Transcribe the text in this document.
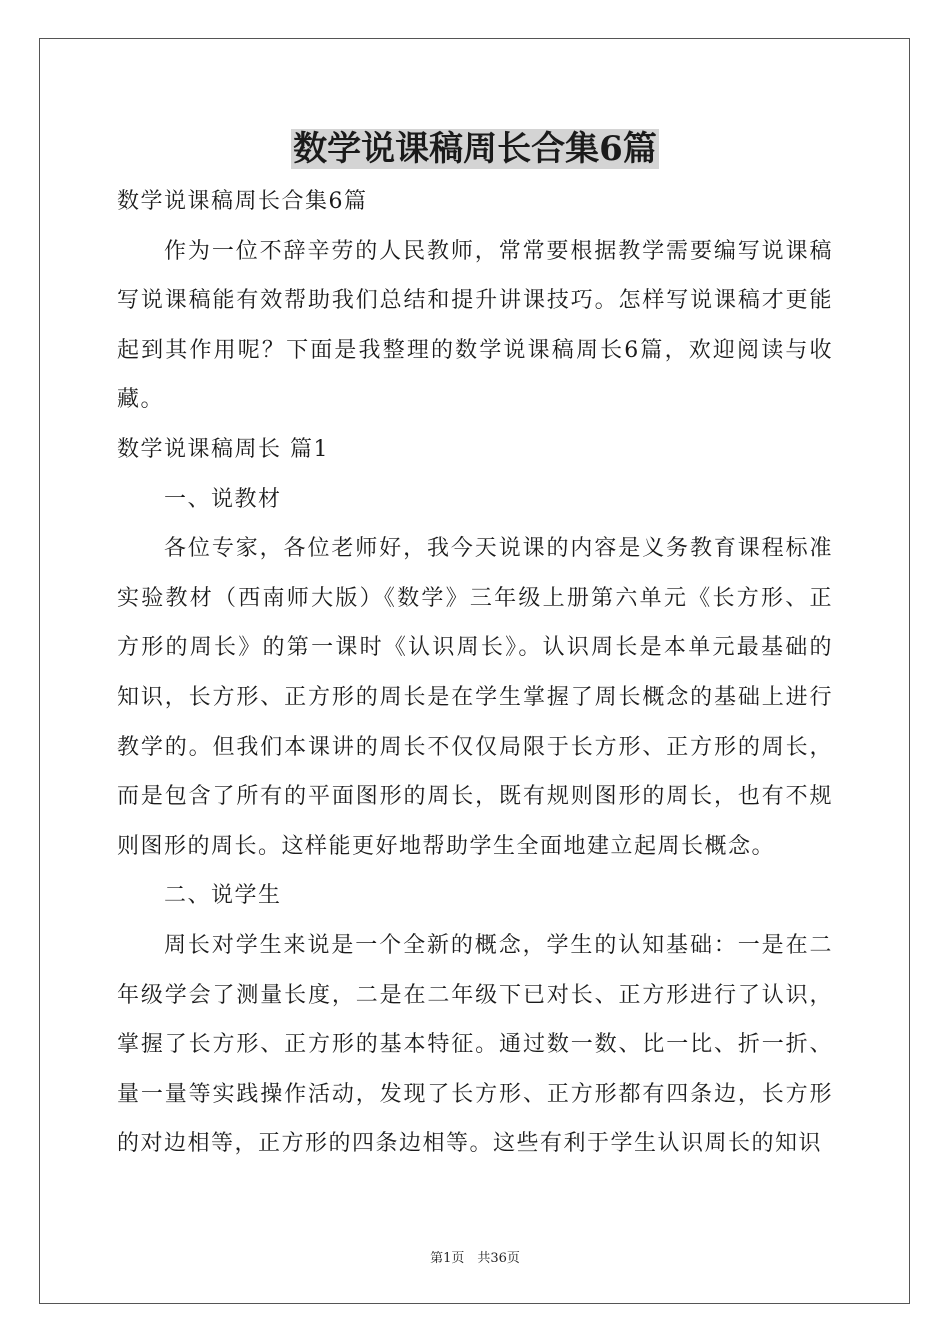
数学说课稿周长合集6篇

数学说课稿周长合集6篇

作为一位不辞辛劳的人民教师，常常要根据教学需要编写说课稿写说课稿能有效帮助我们总结和提升讲课技巧。怎样写说课稿才更能起到其作用呢？下面是我整理的数学说课稿周长6篇，欢迎阅读与收藏。

数学说课稿周长 篇1

一、说教材

各位专家，各位老师好，我今天说课的内容是义务教育课程标准实验教材（西南师大版）《数学》三年级上册第六单元《长方形、正方形的周长》的第一课时《认识周长》。认识周长是本单元最基础的知识，长方形、正方形的周长是在学生掌握了周长概念的基础上进行教学的。但我们本课讲的周长不仅仅局限于长方形、正方形的周长，而是包含了所有的平面图形的周长，既有规则图形的周长，也有不规则图形的周长。这样能更好地帮助学生全面地建立起周长概念。

二、说学生

周长对学生来说是一个全新的概念，学生的认知基础：一是在二年级学会了测量长度，二是在二年级下已对长、正方形进行了认识，掌握了长方形、正方形的基本特征。通过数一数、比一比、折一折、量一量等实践操作活动，发现了长方形、正方形都有四条边，长方形的对边相等，正方形的四条边相等。这些有利于学生认识周长的知识

第1页　共36页
